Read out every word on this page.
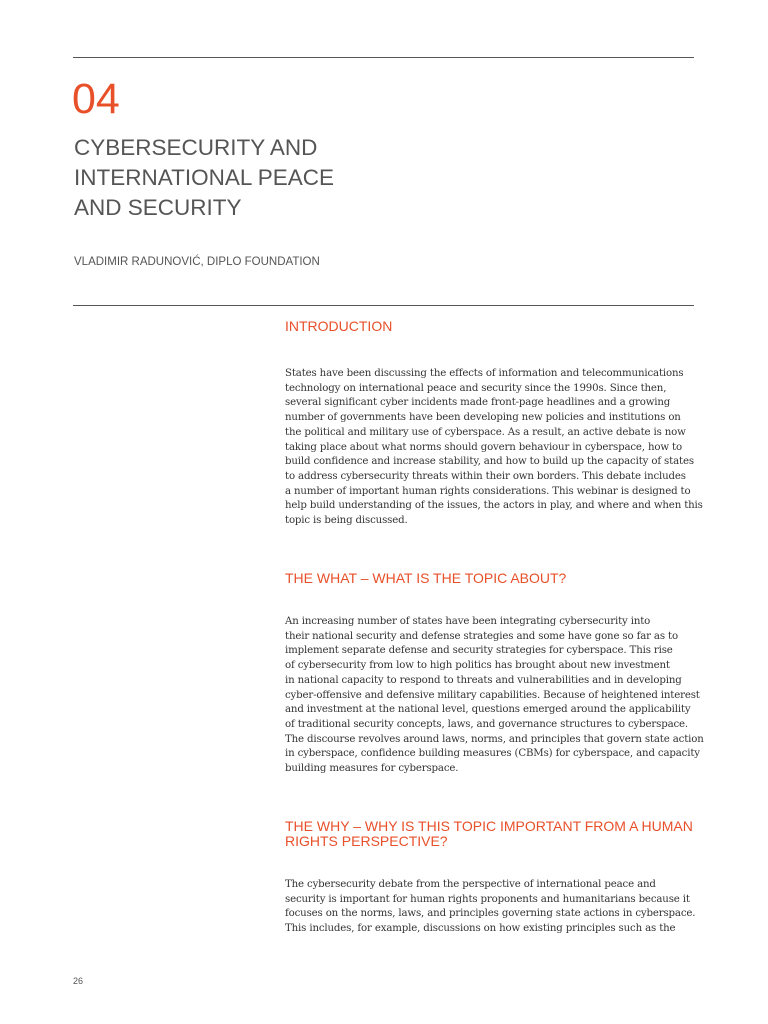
04
CYBERSECURITY AND
INTERNATIONAL PEACE
AND SECURITY
VLADIMIR RADUNOVIĆ, DIPLO FOUNDATION
INTRODUCTION
States have been discussing the effects of information and telecommunications
technology on international peace and security since the 1990s. Since then,
several significant cyber incidents made front-page headlines and a growing
number of governments have been developing new policies and institutions on
the political and military use of cyberspace. As a result, an active debate is now
taking place about what norms should govern behaviour in cyberspace, how to
build confidence and increase stability, and how to build up the capacity of states
to address cybersecurity threats within their own borders. This debate includes
a number of important human rights considerations. This webinar is designed to
help build understanding of the issues, the actors in play, and where and when this
topic is being discussed.
THE WHAT – WHAT IS THE TOPIC ABOUT?
An increasing number of states have been integrating cybersecurity into
their national security and defense strategies and some have gone so far as to
implement separate defense and security strategies for cyberspace. This rise
of cybersecurity from low to high politics has brought about new investment
in national capacity to respond to threats and vulnerabilities and in developing
cyber-offensive and defensive military capabilities. Because of heightened interest
and investment at the national level, questions emerged around the applicability
of traditional security concepts, laws, and governance structures to cyberspace.
The discourse revolves around laws, norms, and principles that govern state action
in cyberspace, confidence building measures (CBMs) for cyberspace, and capacity
building measures for cyberspace.
THE WHY – WHY IS THIS TOPIC IMPORTANT FROM A HUMAN
RIGHTS PERSPECTIVE?
The cybersecurity debate from the perspective of international peace and
security is important for human rights proponents and humanitarians because it
focuses on the norms, laws, and principles governing state actions in cyberspace.
This includes, for example, discussions on how existing principles such as the
26
